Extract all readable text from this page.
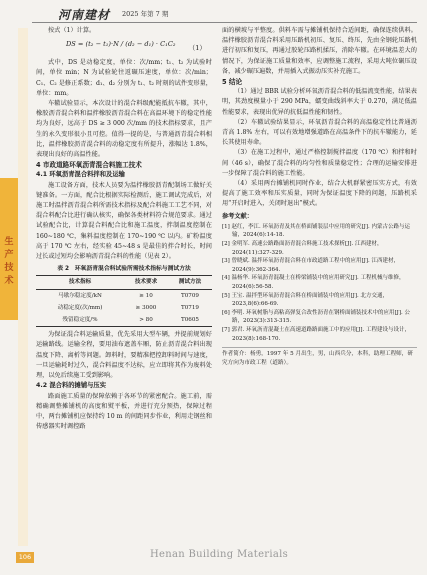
河南建材 2025 年第 7 期
生产技术

按式（1）计算。

DS = (t₂ − t₁)·N / (d₂ − d₁) · C₁C₂ （1）

式中，DS 是动稳定度，单位：次/mm；t₁、t₂ 为试验时间，单位 min；N 为试验轮往返碾压速度，单位：次/min；C₁、C₂ 是修正系数；d₁、d₂ 分别为 t₁、t₂ 时刻的试件变形量，单位：mm。

车辙试验显示，本次设计的混合料级配能抵抗车辙，其中，橡胶沥青混合料和温拌橡胶沥青混合料在高温环境下的稳定性能均为良好，远高于 DS ≥ 3 000 次/mm 的技术指标要求，且产生的永久变形很小且可控。值得一提的是，与普通沥青混合料相比，温拌橡胶沥青混合料的动稳定度有所提升，涨幅达 1.8%，表现出良好的高温性能。

4 市政道路环氧沥青混合料施工技术

4.1 环氧沥青混合料拌和及运输

施工设备方面，技术人员要为温拌橡胶沥青配制场工做好关键准备。一方面，配合比根据实际检测后，施工调试完成后，对施工时温拌沥青混合料所需技术指标及配合料施工工艺不同，对混合料配合比进行确认核实，确保各类材料符合规范要求。通过试验配合比，计算混合料配合比和施工温度，拌制温度控制在 160~180 ℃，集料温度控制在 170~190 ℃ 以内。矿粉温度高于 170 ℃ 左右，经实验 45~48 s 是最佳的拌合时长，时间过长或过短均会影响沥青混合料的性能（见表 2）。

表 2　环氧沥青混合料试验所需技术指标与测试方法
技术指标	技术要求	测试方法
马歇尔稳定度/kN	≥ 10	T0709
动稳定度(次/mm)	≥ 3000	T0719
残留稳定度/%	> 80	T0605

为保证混合料运输质量，优先采用大型车辆，并提前规划好运输路线。运输全程，要用油布遮盖车厢，防止沥青混合料出现温度下降、离析等问题。卸料时，要精准把控卸料时间与速度，一旦运输耗时过久，混合料温度不达标，应立即将其作为废料处理，以免后续施工受到影响。

4.2 混合料的摊铺与压实

路面施工质量的保障依赖于各环节的紧密配合。施工前，需精确调整摊铺机的高度和熨平板，并进行充分预热，保障过程中，两台摊铺机应保持约 10 m 的间距同步作业，利用走钢丝和传感器实时调控路

面的横坡与平整度。供料车需与摊铺机保持合适间距，确保连续供料。温拌橡胶沥青混合料采用压路机初压、复压、终压，先由全钢轮压路机进行初压和复压，再通过胶轮压路机揉压，消除车辙。在环境温差大的情况下，为保证施工质量和效率，应调整施工流程，采用大吨位碾压设备，减少碾压遍数，并用插入式振动压实补充施工。

5 结论

（1）通过 BBR 试验分析环氧沥青混合料的低温流变性能，结果表明，其劲度模量小于 290 MPa，蠕变曲线斜率大于 0.270，满足低温性能要求，表现出优异的抗低温性能和韧性。

（2）车辙试验结果显示，环氧沥青混合料的高温稳定性比普通沥青高 1.8% 左右，可以有效地增强道路在高温条件下的抗车辙能力，延长其使用寿命。

（3）在施工过程中，通过严格控制搅拌温度（170 ℃）和拌和时间（46 s），确保了混合料的均匀性和质量稳定性；合理的运输安排进一步保障了混合料的施工性能。

（4）采用两台摊铺机同时作业，结合大机群紧密压实方式，有效提高了施工效率和压实质量，同时为保证温度下降的问题，压路机采用“开启时进入，关闭时退出”模式。

参考文献：

[1] 赵红，李江. 环氧沥青及其在桥面铺装层中应用的研究[J]. 内蒙古公路与运输，2024(6):14-18.

[2] 金明军. 高速公路路面沥青混合料施工技术探析[J]. 江西建材，2024(11):327-329.

[3] 曾晓斌. 温拌环氧沥青混合料在市政道路工程中的应用[J]. 江西建材，2024(9):362-364.

[4] 温杨华. 环氧沥青混凝土在桥梁铺装中的应用研究[J]. 工程机械与维修，2024(6):56-58.

[5] 王宝. 温拌型环氧沥青混合料在桥面铺装中的应用[J]. 北方交通，2023,8(6):66-69.

[6] 李明. 环氧树脂与高粘高弹复合改性沥青在钢桥面铺装技术中的应用[J]. 公路，2023(3):313-315.

[7] 郭君. 环氧沥青混凝土在高速道路路面施工中的应用[J]. 工程建设与设计，2023(8):168-170.

作者简介：杨勇，1997 年 5 月出生，男，山西兵分，本科，助理工程师，研究方向为市政工程（道路）。
106	Henan Building Materials
